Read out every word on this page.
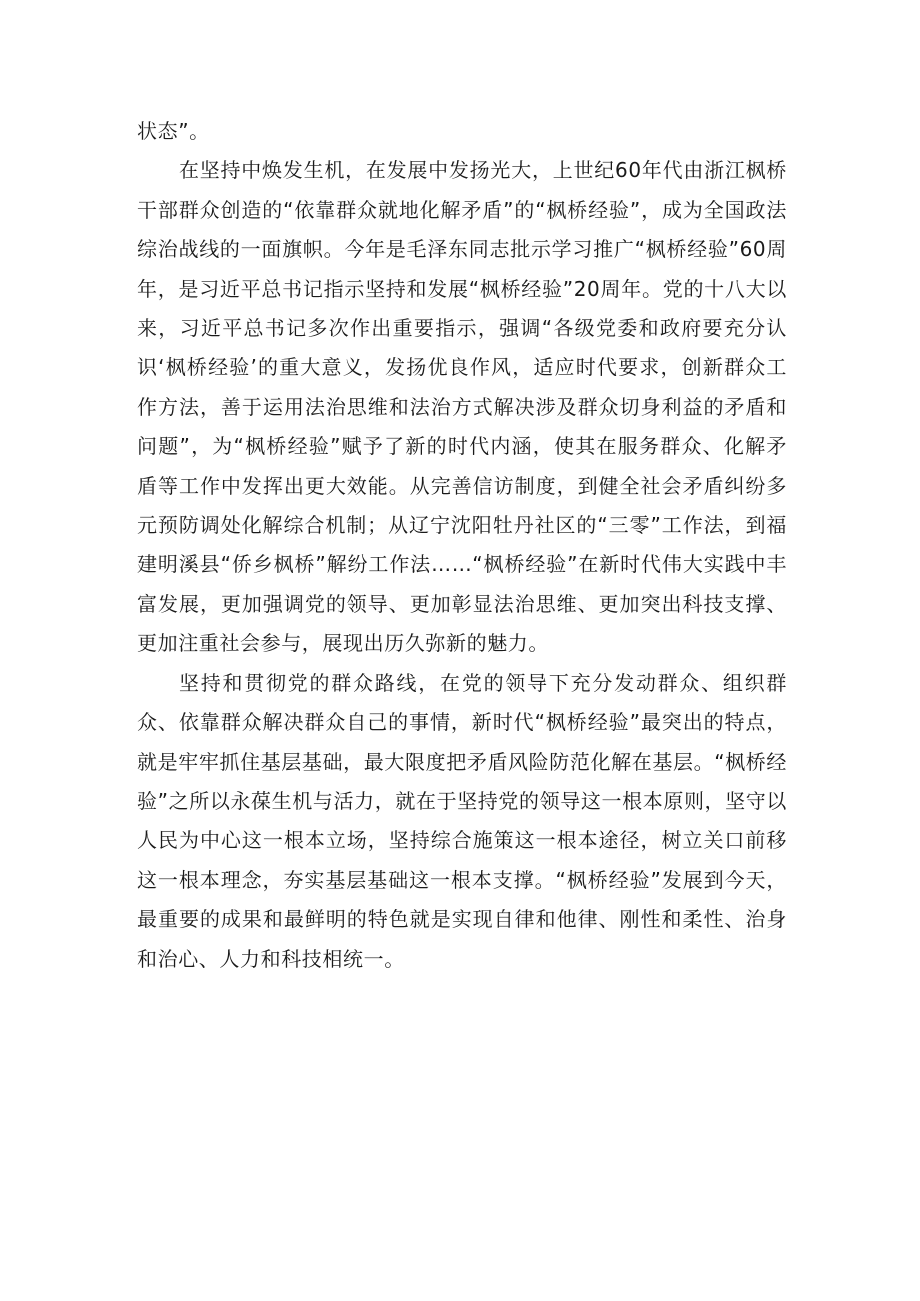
状态”。

在坚持中焕发生机，在发展中发扬光大，上世纪60年代由浙江枫桥干部群众创造的“依靠群众就地化解矛盾”的“枫桥经验”，成为全国政法综治战线的一面旗帜。今年是毛泽东同志批示学习推广“枫桥经验”60周年，是习近平总书记指示坚持和发展“枫桥经验”20周年。党的十八大以来，习近平总书记多次作出重要指示，强调“各级党委和政府要充分认识‘枫桥经验’的重大意义，发扬优良作风，适应时代要求，创新群众工作方法，善于运用法治思维和法治方式解决涉及群众切身利益的矛盾和问题”，为“枫桥经验”赋予了新的时代内涵，使其在服务群众、化解矛盾等工作中发挥出更大效能。从完善信访制度，到健全社会矛盾纠纷多元预防调处化解综合机制；从辽宁沈阳牡丹社区的“三零”工作法，到福建明溪县“侨乡枫桥”解纷工作法……“枫桥经验”在新时代伟大实践中丰富发展，更加强调党的领导、更加彰显法治思维、更加突出科技支撑、更加注重社会参与，展现出历久弥新的魅力。

坚持和贯彻党的群众路线，在党的领导下充分发动群众、组织群众、依靠群众解决群众自己的事情，新时代“枫桥经验”最突出的特点，就是牢牢抓住基层基础，最大限度把矛盾风险防范化解在基层。“枫桥经验”之所以永葆生机与活力，就在于坚持党的领导这一根本原则，坚守以人民为中心这一根本立场，坚持综合施策这一根本途径，树立关口前移这一根本理念，夯实基层基础这一根本支撑。“枫桥经验”发展到今天，最重要的成果和最鲜明的特色就是实现自律和他律、刚性和柔性、治身和治心、人力和科技相统一。
